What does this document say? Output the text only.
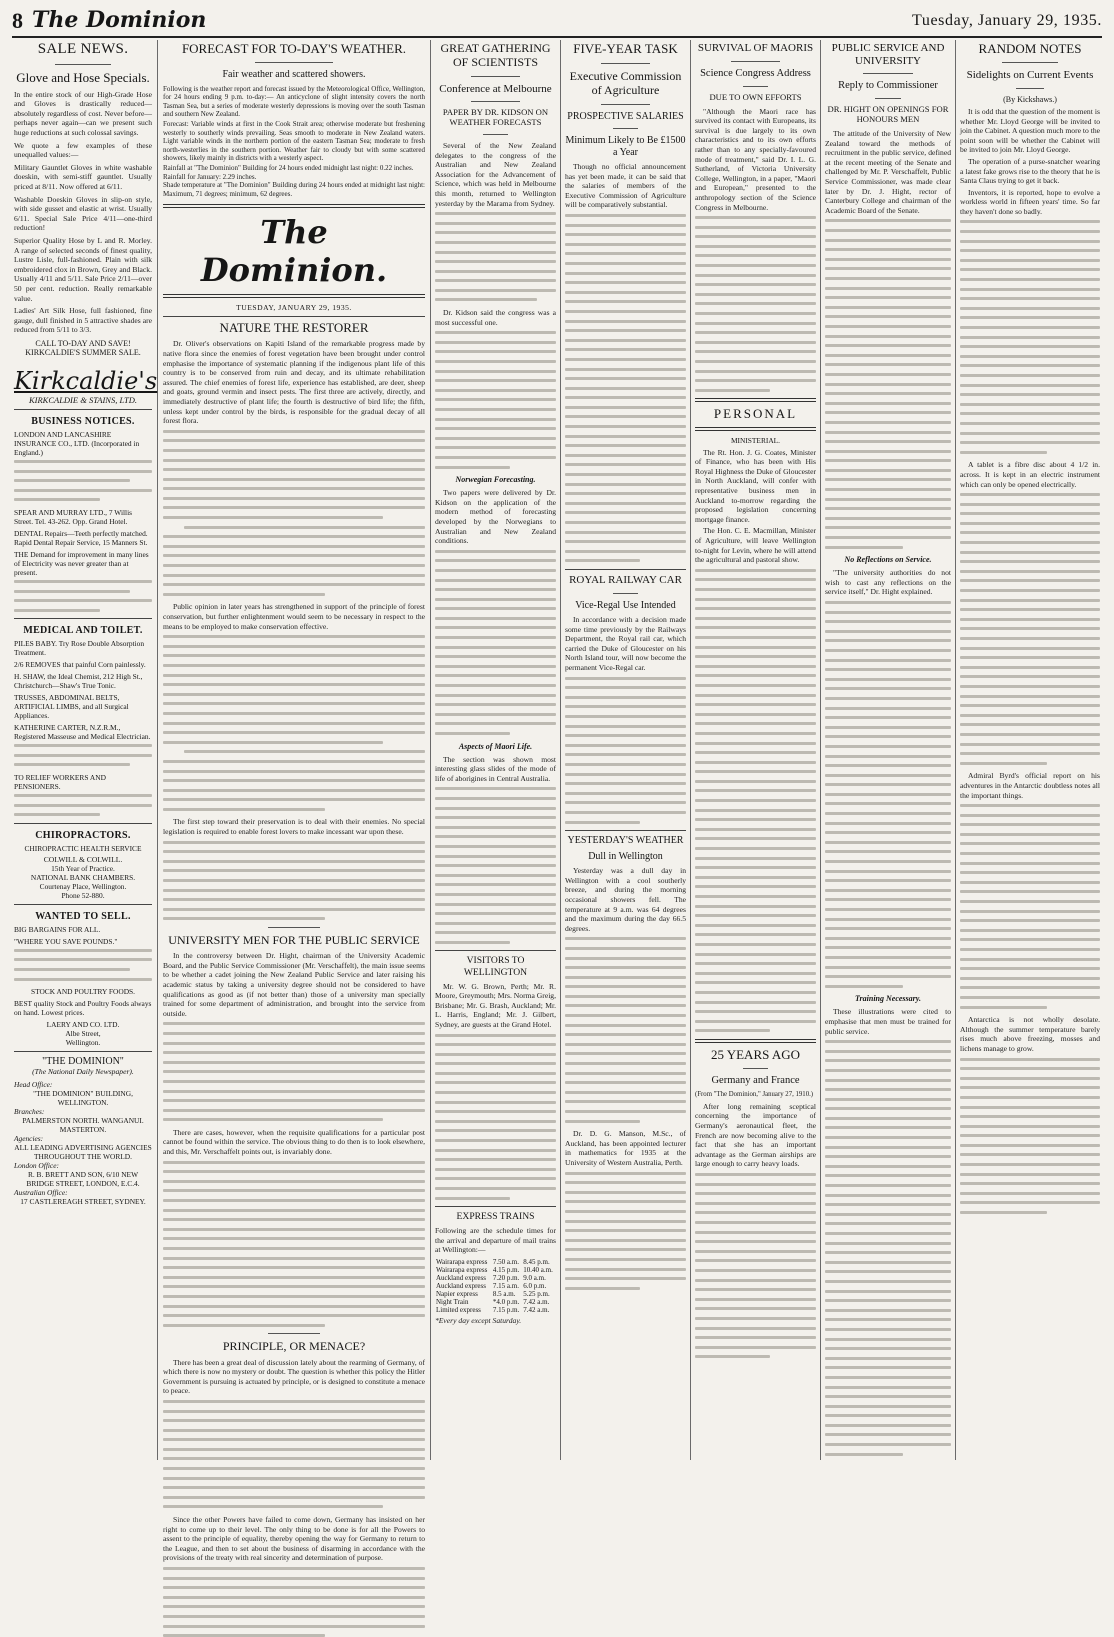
8 The Dominion	Tuesday, January 29, 1935.
SALE NEWS.
Glove and Hose Specials.
In the entire stock of our High-Grade Hose and Gloves is drastically reduced—absolutely regardless of cost. Never before—perhaps never again—can we present such huge reductions at such colossal savings.
We quote a few examples of these unequalled values:—
Military Gauntlet Gloves in white washable doeskin, with semi-stiff gauntlet. Usually priced at 8/11. Now offered at 6/11.
Washable Doeskin Gloves in slip-on style, with side gusset and elastic at wrist. Usually 6/11. Special Sale Price 4/11—one-third reduction!
Superior Quality Hose by L and R. Morley. A range of selected seconds of finest quality, Lustre Lisle, full-fashioned. Plain with silk embroidered clox in Brown, Grey and Black. Usually 4/11 and 5/11. Sale Price 2/11—over 50 per cent. reduction. Really remarkable value.
Ladies' Art Silk Hose, full fashioned, fine gauge, dull finished in 5 attractive shades are reduced from 5/11 to 3/3.
CALL TO-DAY AND SAVE!
KIRKCALDIE'S SUMMER SALE.
Kirkcaldie's
KIRKCALDIE & STAINS, LTD.
BUSINESS NOTICES.
LONDON AND LANCASHIRE INSURANCE CO., LTD. (Incorporated in England.)
SPEAR AND MURRAY LTD., 7 Willis Street. Tel. 43-262. Opp. Grand Hotel.
DENTAL Repairs—Teeth perfectly matched. Rapid Dental Repair Service, 15 Manners St.
THE Demand for improvement in many lines of Electricity was never greater than at present.
MEDICAL AND TOILET.
PILES BABY. Try Rose Double Absorption Treatment.
2/6 REMOVES that painful Corn painlessly.
H. SHAW, the Ideal Chemist, 212 High St., Christchurch—Shaw's True Tonic.
TRUSSES, ABDOMINAL BELTS, ARTIFICIAL LIMBS, and all Surgical Appliances.
KATHERINE CARTER, N.Z.R.M., Registered Masseuse and Medical Electrician.
TO RELIEF WORKERS AND PENSIONERS.
CHIROPRACTORS.
CHIROPRACTIC HEALTH SERVICE
COLWILL & COLWILL.
15th Year of Practice.
NATIONAL BANK CHAMBERS.
Courtenay Place, Wellington.
Phone 52-880.
WANTED TO SELL.
BIG BARGAINS FOR ALL.
"WHERE YOU SAVE POUNDS."
STOCK AND POULTRY FOODS.
BEST quality Stock and Poultry Foods always on hand. Lowest prices.
LAERY AND CO. LTD.
Albe Street,
Wellington.
"THE DOMINION"
(The National Daily Newspaper).
Head Office:
"THE DOMINION" BUILDING, WELLINGTON.
Branches:
PALMERSTON NORTH. WANGANUI. MASTERTON.
Agencies:
ALL LEADING ADVERTISING AGENCIES THROUGHOUT THE WORLD.
London Office:
R. B. BRETT AND SON, 6/10 NEW BRIDGE STREET, LONDON, E.C.4.
Australian Office:
17 CASTLEREAGH STREET, SYDNEY.
FORECAST FOR TO-DAY'S WEATHER.
Fair weather and scattered showers.
Following is the weather report and forecast issued by the Meteorological Office, Wellington, for 24 hours ending 9 p.m. to-day:— An anticyclone of slight intensity covers the north Tasman Sea, but a series of moderate westerly depressions is moving over the south Tasman and southern New Zealand.
Forecast: Variable winds at first in the Cook Strait area; otherwise moderate but freshening westerly to southerly winds prevailing. Seas smooth to moderate in New Zealand waters. Light variable winds in the northern portion of the eastern Tasman Sea; moderate to fresh north-westerlies in the southern portion. Weather fair to cloudy but with some scattered showers, likely mainly in districts with a westerly aspect.
Rainfall at "The Dominion" Building for 24 hours ended midnight last night: 0.22 inches.
Rainfall for January: 2.29 inches.
Shade temperature at "The Dominion" Building during 24 hours ended at midnight last night: Maximum, 71 degrees; minimum, 62 degrees.
The Dominion.
TUESDAY, JANUARY 29, 1935.
NATURE THE RESTORER
Dr. Oliver's observations on Kapiti Island of the remarkable progress made by native flora since the enemies of forest vegetation have been brought under control emphasise the importance of systematic planning if the indigenous plant life of this country is to be conserved from ruin and decay, and its ultimate rehabilitation assured. The chief enemies of forest life, experience has established, are deer, sheep and goats, ground vermin and insect pests. The first three are actively, directly, and immediately destructive of plant life; the fourth is destructive of bird life; the fifth, unless kept under control by the birds, is responsible for the gradual decay of all forest flora.
Public opinion in later years has strengthened in support of the principle of forest conservation, but further enlightenment would seem to be necessary in respect to the means to be employed to make conservation effective.
The first step toward their preservation is to deal with their enemies. No special legislation is required to enable forest lovers to make incessant war upon these.
UNIVERSITY MEN FOR THE PUBLIC SERVICE
In the controversy between Dr. Hight, chairman of the University Academic Board, and the Public Service Commissioner (Mr. Verschaffelt), the main issue seems to be whether a cadet joining the New Zealand Public Service and later raising his academic status by taking a university degree should not be considered to have qualifications as good as (if not better than) those of a university man specially trained for some department of administration, and brought into the service from outside.
There are cases, however, when the requisite qualifications for a particular post cannot be found within the service. The obvious thing to do then is to look elsewhere, and this, Mr. Verschaffelt points out, is invariably done.
PRINCIPLE, OR MENACE?
There has been a great deal of discussion lately about the rearming of Germany, of which there is now no mystery or doubt. The question is whether this policy the Hitler Government is pursuing is actuated by principle, or is designed to constitute a menace to peace.
Since the other Powers have failed to come down, Germany has insisted on her right to come up to their level. The only thing to be done is for all the Powers to assent to the principle of equality, thereby opening the way for Germany to return to the League, and then to set about the business of disarming in accordance with the provisions of the treaty with real sincerity and determination of purpose.
GREAT GATHERING OF SCIENTISTS
Conference at Melbourne
PAPER BY DR. KIDSON ON WEATHER FORECASTS
Several of the New Zealand delegates to the congress of the Australian and New Zealand Association for the Advancement of Science, which was held in Melbourne this month, returned to Wellington yesterday by the Marama from Sydney.
Dr. Kidson said the congress was a most successful one.
Norwegian Forecasting.
Two papers were delivered by Dr. Kidson on the application of the modern method of forecasting developed by the Norwegians to Australian and New Zealand conditions.
Aspects of Maori Life.
The section was shown most interesting glass slides of the mode of life of aborigines in Central Australia.
VISITORS TO WELLINGTON
Mr. W. G. Brown, Perth; Mr. R. Moore, Greymouth; Mrs. Norma Greig, Brisbane; Mr. G. Brash, Auckland; Mr. L. Harris, England; Mr. J. Gilbert, Sydney, are guests at the Grand Hotel.
EXPRESS TRAINS
Following are the schedule times for the arrival and departure of mail trains at Wellington:—
Wairarapa express	7.50 a.m.	8.45 p.m.
Wairarapa express	4.15 p.m.	10.40 a.m.
Auckland express	7.20 p.m.	9.0 a.m.
Auckland express	7.15 a.m.	6.0 p.m.
Napier express	8.5 a.m.	5.25 p.m.
Night Train	*4.0 p.m.	7.42 a.m.
Limited express	7.15 p.m.	7.42 a.m.
*Every day except Saturday.
FIVE-YEAR TASK
Executive Commission of Agriculture
PROSPECTIVE SALARIES
Minimum Likely to Be £1500 a Year
Though no official announcement has yet been made, it can be said that the salaries of members of the Executive Commission of Agriculture will be comparatively substantial.
ROYAL RAILWAY CAR
Vice-Regal Use Intended
In accordance with a decision made some time previously by the Railways Department, the Royal rail car, which carried the Duke of Gloucester on his North Island tour, will now become the permanent Vice-Regal car.
YESTERDAY'S WEATHER
Dull in Wellington
Yesterday was a dull day in Wellington with a cool southerly breeze, and during the morning occasional showers fell. The temperature at 9 a.m. was 64 degrees and the maximum during the day 66.5 degrees.
Dr. D. G. Manson, M.Sc., of Auckland, has been appointed lecturer in mathematics for 1935 at the University of Western Australia, Perth.
SURVIVAL OF MAORIS
Science Congress Address
DUE TO OWN EFFORTS
"Although the Maori race has survived its contact with Europeans, its survival is due largely to its own characteristics and to its own efforts rather than to any specially-favoured mode of treatment," said Dr. I. L. G. Sutherland, of Victoria University College, Wellington, in a paper, "Maori and European," presented to the anthropology section of the Science Congress in Melbourne.
PERSONAL
MINISTERIAL.
The Rt. Hon. J. G. Coates, Minister of Finance, who has been with His Royal Highness the Duke of Gloucester in North Auckland, will confer with representative business men in Auckland to-morrow regarding the proposed legislation concerning mortgage finance.
The Hon. C. E. Macmillan, Minister of Agriculture, will leave Wellington to-night for Levin, where he will attend the agricultural and pastoral show.
25 YEARS AGO
Germany and France
(From "The Dominion," January 27, 1910.)
After long remaining sceptical concerning the importance of Germany's aeronautical fleet, the French are now becoming alive to the fact that she has an important advantage as the German airships are large enough to carry heavy loads.
PUBLIC SERVICE AND UNIVERSITY
Reply to Commissioner
DR. HIGHT ON OPENINGS FOR HONOURS MEN
The attitude of the University of New Zealand toward the methods of recruitment in the public service, defined at the recent meeting of the Senate and challenged by Mr. P. Verschaffelt, Public Service Commissioner, was made clear later by Dr. J. Hight, rector of Canterbury College and chairman of the Academic Board of the Senate.
No Reflections on Service.
"The university authorities do not wish to cast any reflections on the service itself," Dr. Hight explained.
Training Necessary.
These illustrations were cited to emphasise that men must be trained for public service.
RANDOM NOTES
Sidelights on Current Events
(By Kickshaws.)
It is odd that the question of the moment is whether Mr. Lloyd George will be invited to join the Cabinet. A question much more to the point soon will be whether the Cabinet will be invited to join Mr. Lloyd George.
The operation of a purse-snatcher wearing a latest fake grows rise to the theory that he is Santa Claus trying to get it back.
Inventors, it is reported, hope to evolve a workless world in fifteen years' time. So far they haven't done so badly.
A tablet is a fibre disc about 4 1/2 in. across. It is kept in an electric instrument which can only be opened electrically.
Admiral Byrd's official report on his adventures in the Antarctic doubtless notes all the important things.
Antarctica is not wholly desolate. Although the summer temperature barely rises much above freezing, mosses and lichens manage to grow.
